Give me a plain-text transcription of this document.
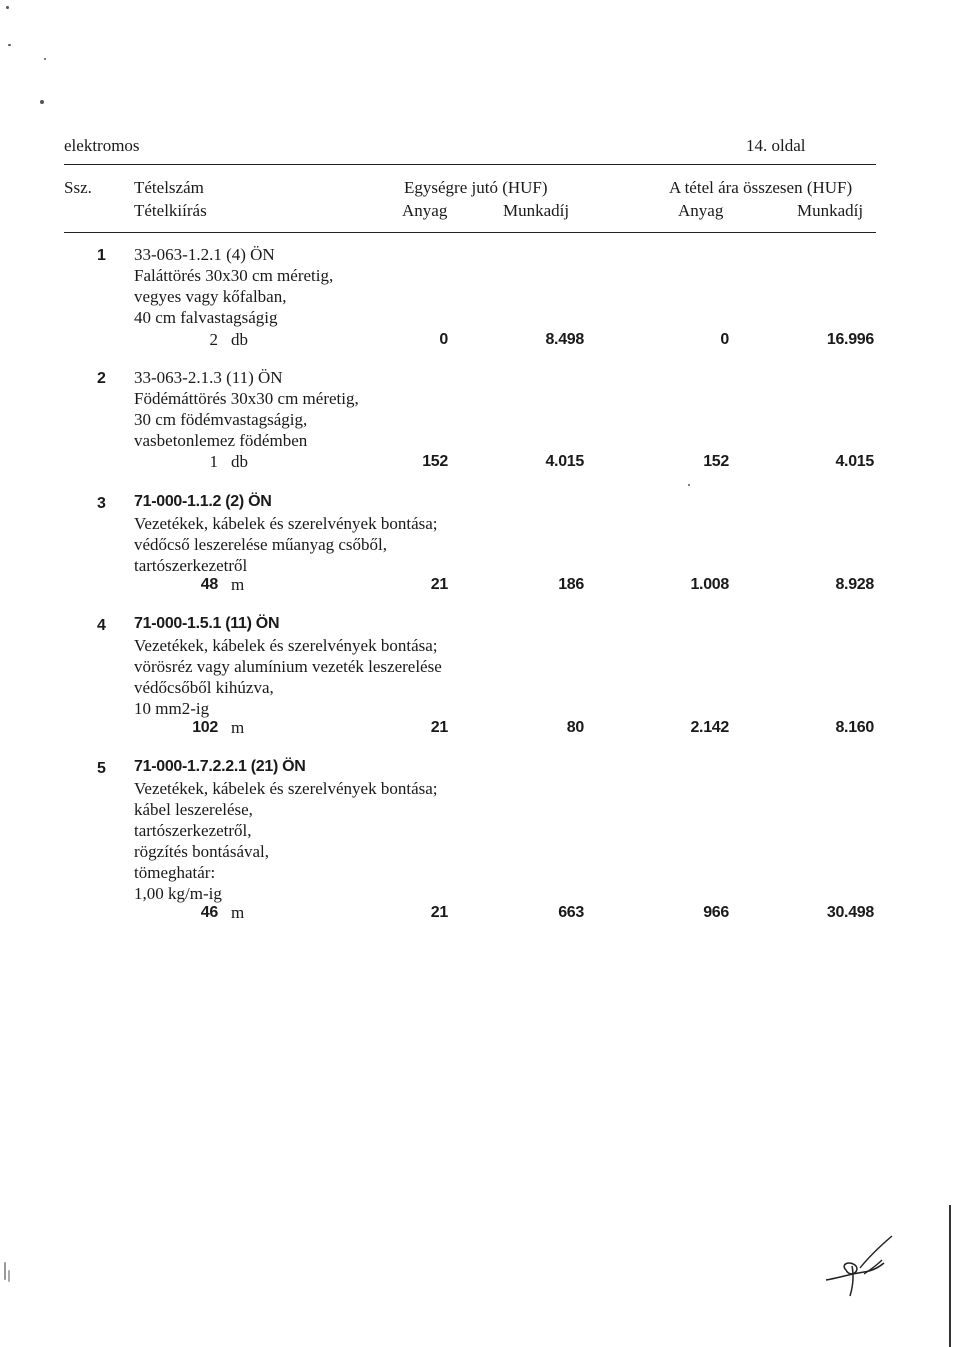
elektromos	14. oldal
Ssz. Tételszám
Tételkiírás
Egységre jutó (HUF)
Anyag	Munkadíj
A tétel ára összesen (HUF)
Anyag	Munkadíj
1 33-063-1.2.1 (4) ÖN
Faláttörés 30x30 cm méretig,
vegyes vagy kőfalban,
40 cm falvastagságig
2 db	0	8.498	0	16.996
2 33-063-2.1.3 (11) ÖN
Födémáttörés 30x30 cm méretig,
30 cm födémvastagságig,
vasbetonlemez födémben
1 db	152	4.015	152	4.015
3 71-000-1.1.2 (2) ÖN
Vezetékek, kábelek és szerelvények bontása;
védőcső leszerelése műanyag csőből,
tartószerkezetről
48 m	21	186	1.008	8.928
4 71-000-1.5.1 (11) ÖN
Vezetékek, kábelek és szerelvények bontása;
vörösréz vagy alumínium vezeték leszerelése
védőcsőből kihúzva,
10 mm2-ig
102 m	21	80	2.142	8.160
5 71-000-1.7.2.2.1 (21) ÖN
Vezetékek, kábelek és szerelvények bontása;
kábel leszerelése,
tartószerkezetről,
rögzítés bontásával,
tömeghatár:
1,00 kg/m-ig
46 m	21	663	966	30.498
